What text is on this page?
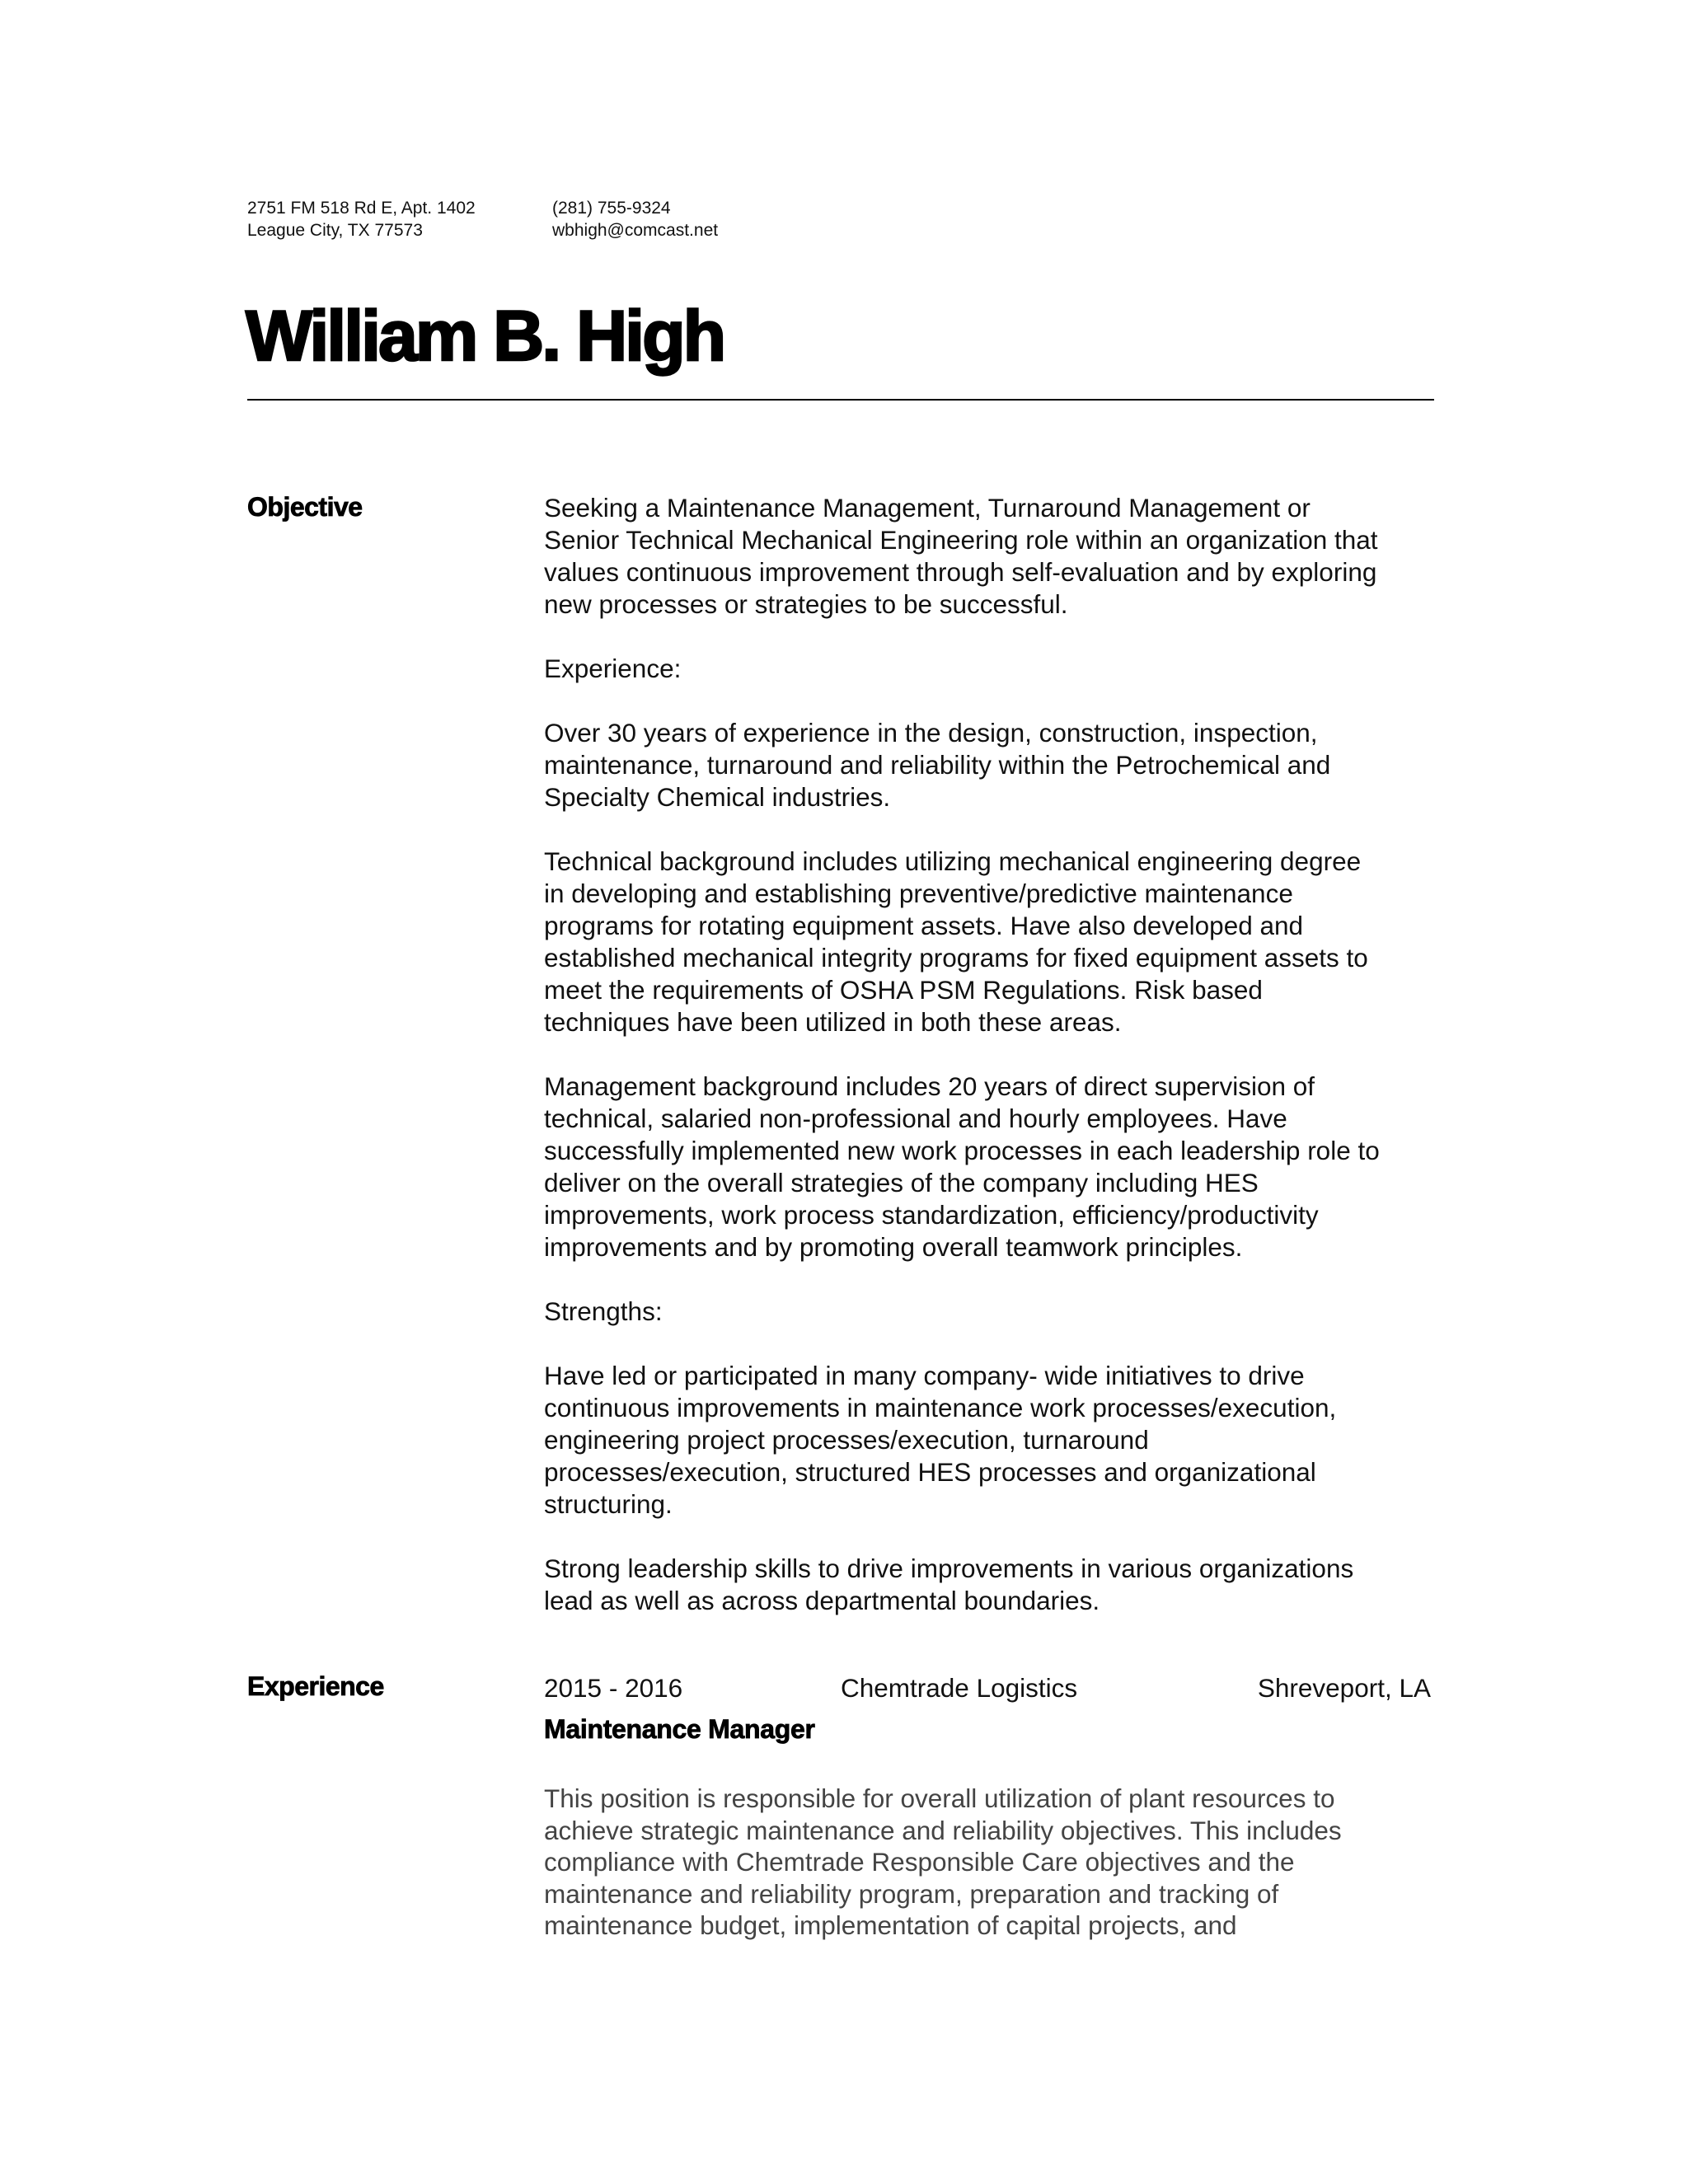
2751 FM 518 Rd E, Apt. 1402
League City, TX 77573
(281) 755-9324
wbhigh@comcast.net
William B. High
Objective	Seeking a Maintenance Management, Turnaround Management or
Senior Technical Mechanical Engineering role within an organization that
values continuous improvement through self-evaluation and by exploring
new processes or strategies to be successful.

Experience:

Over 30 years of experience in the design, construction, inspection,
maintenance, turnaround and reliability within the Petrochemical and
Specialty Chemical industries.

Technical background includes utilizing mechanical engineering degree
in developing and establishing preventive/predictive maintenance
programs for rotating equipment assets. Have also developed and
established mechanical integrity programs for fixed equipment assets to
meet the requirements of OSHA PSM Regulations. Risk based
techniques have been utilized in both these areas.

Management background includes 20 years of direct supervision of
technical, salaried non-professional and hourly employees. Have
successfully implemented new work processes in each leadership role to
deliver on the overall strategies of the company including HES
improvements, work process standardization, efficiency/productivity
improvements and by promoting overall teamwork principles.

Strengths:

Have led or participated in many company- wide initiatives to drive
continuous improvements in maintenance work processes/execution,
engineering project processes/execution, turnaround
processes/execution, structured HES processes and organizational
structuring.

Strong leadership skills to drive improvements in various organizations
lead as well as across departmental boundaries.

Experience	2015 - 2016	Chemtrade Logistics	Shreveport, LA
Maintenance Manager
This position is responsible for overall utilization of plant resources to
achieve strategic maintenance and reliability objectives. This includes
compliance with Chemtrade Responsible Care objectives and the
maintenance and reliability program, preparation and tracking of
maintenance budget, implementation of capital projects, and
